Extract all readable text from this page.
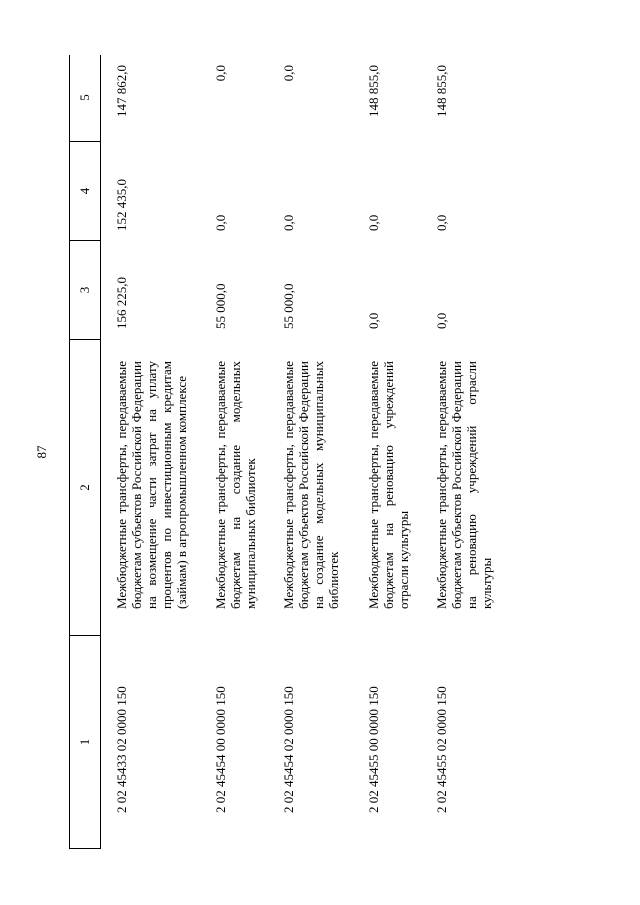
87
1
2
3
4
5
2 02 45433 02 0000 150
Межбюджетные трансферты, передаваемые бюджетам субъектов Российской Федерации на возмещение части затрат на уплату процентов по инвестиционным кредитам (займам) в агропромышленном комплексе
156 225,0
152 435,0
147 862,0
2 02 45454 00 0000 150
Межбюджетные трансферты, передаваемые бюджетам на создание модельных муниципальных библиотек
55 000,0
0,0
0,0
2 02 45454 02 0000 150
Межбюджетные трансферты, передаваемые бюджетам субъектов Российской Федерации на создание модельных муниципальных библиотек
55 000,0
0,0
0,0
2 02 45455 00 0000 150
Межбюджетные трансферты, передаваемые бюджетам на реновацию учреждений отрасли культуры
0,0
0,0
148 855,0
2 02 45455 02 0000 150
Межбюджетные трансферты, передаваемые бюджетам субъектов Российской Федерации на реновацию учреждений отрасли культуры
0,0
0,0
148 855,0
